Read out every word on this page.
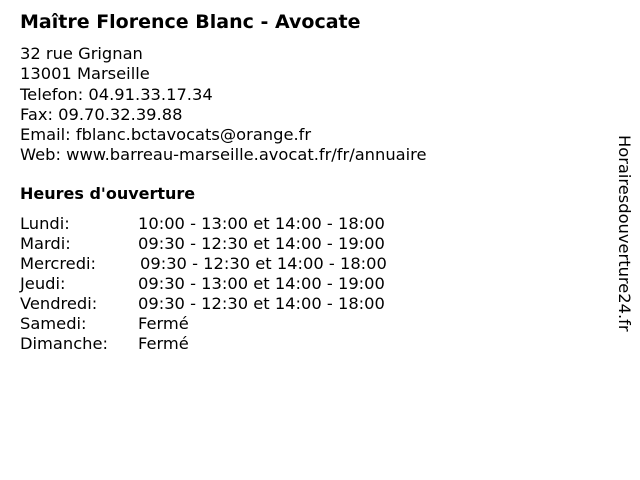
Maître Florence Blanc - Avocate
32 rue Grignan
13001 Marseille
Telefon: 04.91.33.17.34
Fax: 09.70.32.39.88
Email: fblanc.bctavocats@orange.fr
Web: www.barreau-marseille.avocat.fr/fr/annuaire
Heures d'ouverture
Lundi:	10:00 - 13:00 et 14:00 - 18:00
Mardi:	09:30 - 12:30 et 14:00 - 19:00
Mercredi:	09:30 - 12:30 et 14:00 - 18:00
Jeudi:	09:30 - 13:00 et 14:00 - 19:00
Vendredi:	09:30 - 12:30 et 14:00 - 18:00
Samedi:	Fermé
Dimanche: Fermé
Horairesdouverture24.fr
